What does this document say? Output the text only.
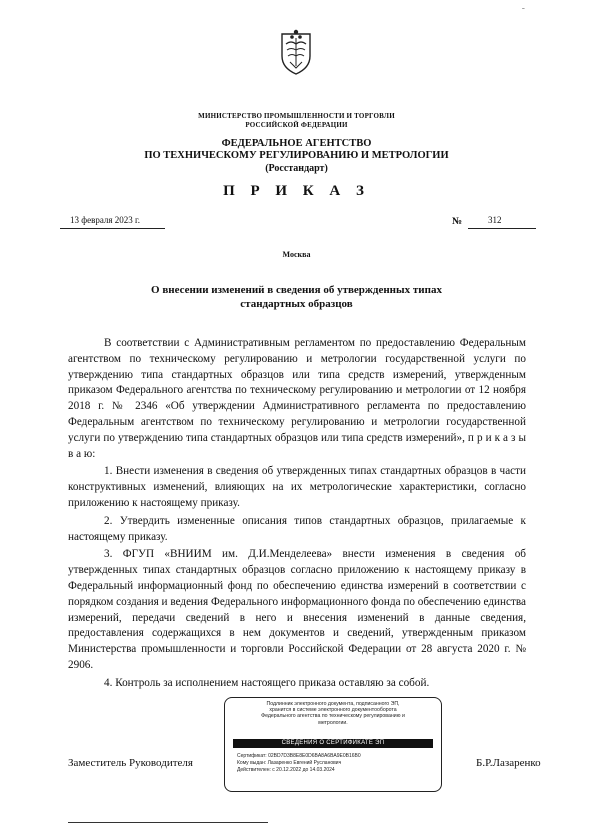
ˉ
МИНИСТЕРСТВО ПРОМЫШЛЕННОСТИ И ТОРГОВЛИ
РОССИЙСКОЙ ФЕДЕРАЦИИ
ФЕДЕРАЛЬНОЕ АГЕНТСТВО
ПО ТЕХНИЧЕСКОМУ РЕГУЛИРОВАНИЮ И МЕТРОЛОГИИ
(Росстандарт)
П Р И К А З
13 февраля 2023 г.	№	312
Москва
О внесении изменений в сведения об утвержденных типах
стандартных образцов

В соответствии с Административным регламентом по предоставлению Федеральным агентством по техническому регулированию и метрологии государственной услуги по утверждению типа стандартных образцов или типа средств измерений, утвержденным приказом Федерального агентства по техническому регулированию и метрологии от 12 ноября 2018 г. № 2346 «Об утверждении Административного регламента по предоставлению Федеральным агентством по техническому регулированию и метрологии государственной услуги по утверждению типа стандартных образцов или типа средств измерений», п р и к а з ы в а ю:

1. Внести изменения в сведения об утвержденных типах стандартных образцов в части конструктивных изменений, влияющих на их метрологические характеристики, согласно приложению к настоящему приказу.

2. Утвердить измененные описания типов стандартных образцов, прилагаемые к настоящему приказу.

3. ФГУП «ВНИИМ им. Д.И.Менделеева» внести изменения в сведения об утвержденных типах стандартных образцов согласно приложению к настоящему приказу в Федеральный информационный фонд по обеспечению единства измерений в соответствии с порядком создания и ведения Федерального информационного фонда по обеспечению единства измерений, передачи сведений в него и внесения изменений в данные сведения, предоставления содержащихся в нем документов и сведений, утвержденным приказом Министерства промышленности и торговли Российской Федерации от 28 августа 2020 г. № 2906.

4. Контроль за исполнением настоящего приказа оставляю за собой.

Заместитель Руководителя	Б.Р.Лазаренко
Подлинник электронного документа, подписанного ЭП,
хранится в системе электронного документооборота
Федерального агентства по техническому регулированию и
метрологии.
СВЕДЕНИЯ О СЕРТИФИКАТЕ ЭП
Сертификат: 02BD7D3B8E8E0D6BA8A6BA9E0B16B0
Кому выдан: Лазаренко Евгений Русланович
Действителен: с 20.12.2022 до 14.03.2024
